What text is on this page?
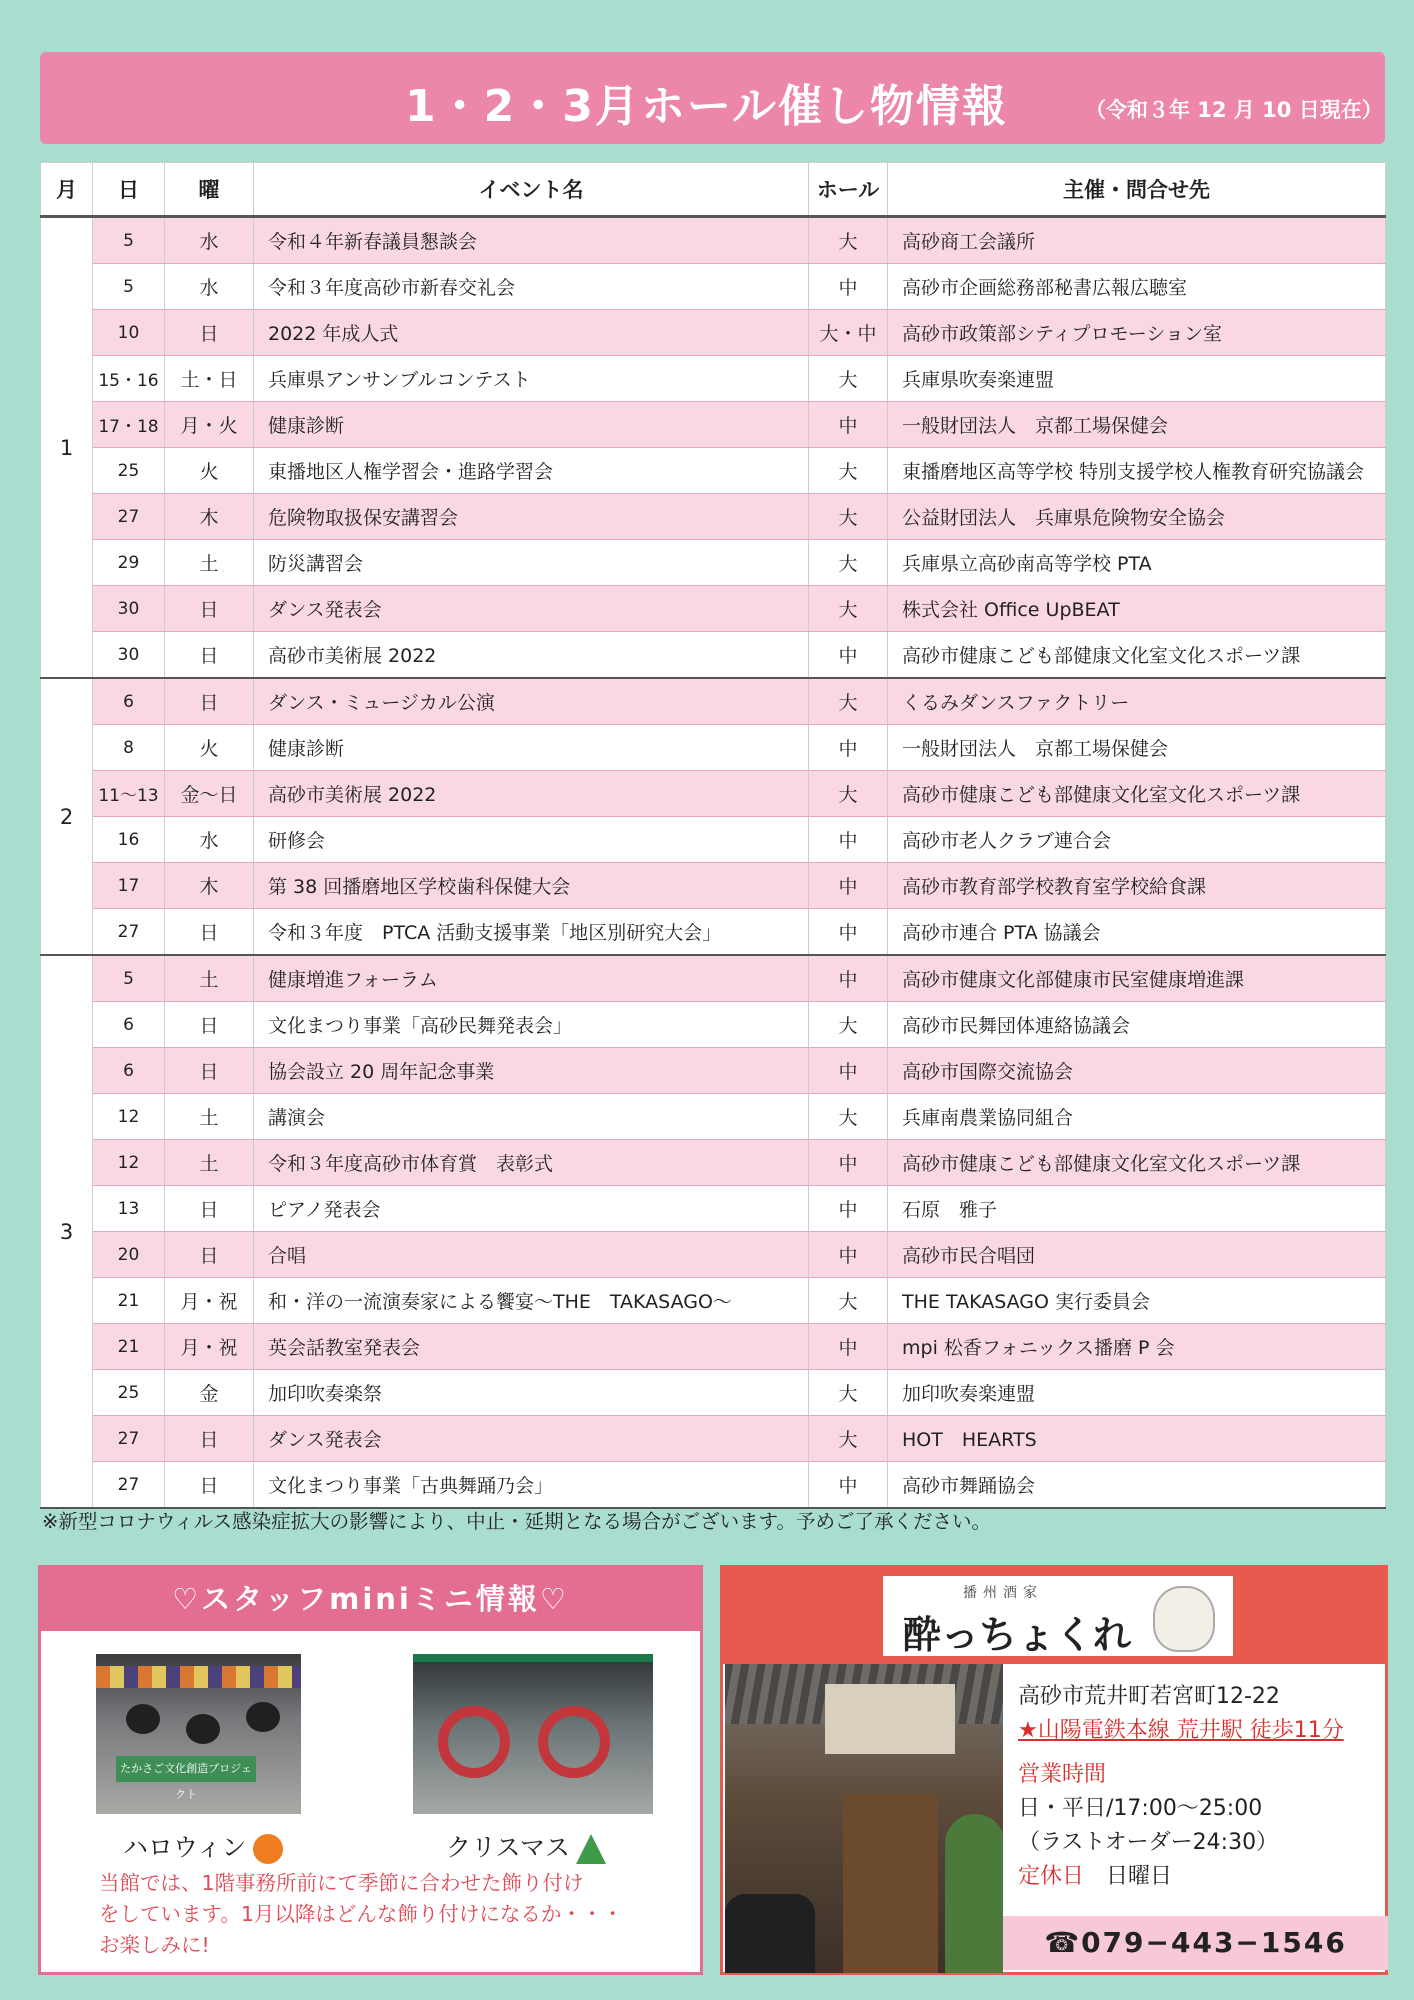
1・2・3月ホール催し物情報	（令和３年 12 月 10 日現在）
月	日	曜	イベント名	ホール	主催・問合せ先
1	5	水	令和４年新春議員懇談会	大	高砂商工会議所
	5	水	令和３年度高砂市新春交礼会	中	高砂市企画総務部秘書広報広聴室
	10	日	2022 年成人式	大・中	高砂市政策部シティプロモーション室
	15・16	土・日	兵庫県アンサンブルコンテスト	大	兵庫県吹奏楽連盟
	17・18	月・火	健康診断	中	一般財団法人　京都工場保健会
	25	火	東播地区人権学習会・進路学習会	大	東播磨地区高等学校 特別支援学校人権教育研究協議会
	27	木	危険物取扱保安講習会	大	公益財団法人　兵庫県危険物安全協会
	29	土	防災講習会	大	兵庫県立高砂南高等学校 PTA
	30	日	ダンス発表会	大	株式会社 Office UpBEAT
	30	日	高砂市美術展 2022	中	高砂市健康こども部健康文化室文化スポーツ課
2	6	日	ダンス・ミュージカル公演	大	くるみダンスファクトリー
	8	火	健康診断	中	一般財団法人　京都工場保健会
	11～13	金～日	高砂市美術展 2022	大	高砂市健康こども部健康文化室文化スポーツ課
	16	水	研修会	中	高砂市老人クラブ連合会
	17	木	第 38 回播磨地区学校歯科保健大会	中	高砂市教育部学校教育室学校給食課
	27	日	令和３年度　PTCA 活動支援事業「地区別研究大会」	中	高砂市連合 PTA 協議会
3	5	土	健康増進フォーラム	中	高砂市健康文化部健康市民室健康増進課
	6	日	文化まつり事業「高砂民舞発表会」	大	高砂市民舞団体連絡協議会
	6	日	協会設立 20 周年記念事業	中	高砂市国際交流協会
	12	土	講演会	大	兵庫南農業協同組合
	12	土	令和３年度高砂市体育賞　表彰式	中	高砂市健康こども部健康文化室文化スポーツ課
	13	日	ピアノ発表会	中	石原　雅子
	20	日	合唱	中	高砂市民合唱団
	21	月・祝	和・洋の一流演奏家による饗宴～THE　TAKASAGO～	大	THE TAKASAGO 実行委員会
	21	月・祝	英会話教室発表会	中	mpi 松香フォニックス播磨 P 会
	25	金	加印吹奏楽祭	大	加印吹奏楽連盟
	27	日	ダンス発表会	大	HOT　HEARTS
	27	日	文化まつり事業「古典舞踊乃会」	中	高砂市舞踊協会
※新型コロナウィルス感染症拡大の影響により、中止・延期となる場合がございます。予めご了承ください。
♡スタッフminiミニ情報♡
たかさご文化創造プロジェクト
ハロウィン	クリスマス
当館では、1階事務所前にて季節に合わせた飾り付け
をしています。1月以降はどんな飾り付けになるか・・・
お楽しみに!
播州酒家
酔っちょくれ
高砂市荒井町若宮町12-22
★山陽電鉄本線 荒井駅 徒歩11分
営業時間
日・平日/17:00～25:00
（ラストオーダー24:30）
定休日　 日曜日
☎079−443−1546
